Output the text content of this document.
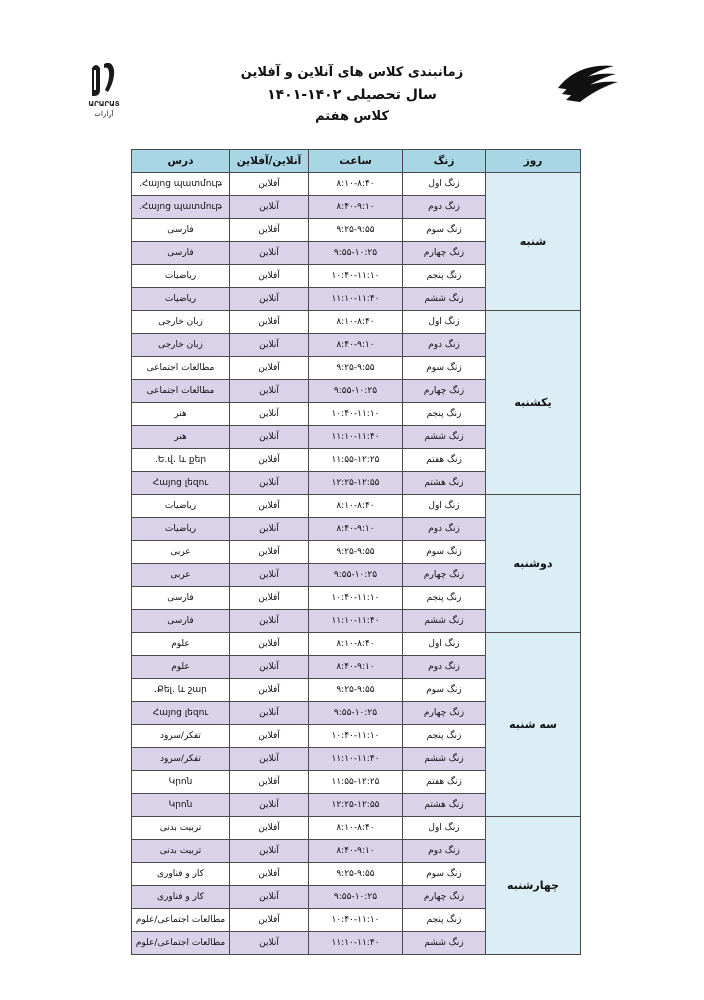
ԱՐԱՐԱՏ
آرارات
زمانبندی کلاس های آنلاین و آفلاین
سال تحصیلی ۱۴۰۲-۱۴۰۱
کلاس هفتم
درس	آنلاین/آفلاین	ساعت	زنگ	روز
Հայոց պատմութ.	آفلاین	۸:۱۰-۸:۴۰	زنگ اول	شنبه
Հայոց պատմութ.	آنلاین	۸:۴۰-۹:۱۰	زنگ دوم	
فارسی	آفلاین	۹:۲۵-۹:۵۵	زنگ سوم	
فارسی	آنلاین	۹:۵۵-۱۰:۲۵	زنگ چهارم	
ریاضیات	آفلاین	۱۰:۴۰-۱۱:۱۰	زنگ پنجم	
ریاضیات	آنلاین	۱۱:۱۰-۱۱:۴۰	زنگ ششم	
زبان خارجی	آفلاین	۸:۱۰-۸:۴۰	زنگ اول	یکشنبه
زبان خارجی	آنلاین	۸:۴۰-۹:۱۰	زنگ دوم	
مطالعات اجتماعی	آفلاین	۹:۲۵-۹:۵۵	زنگ سوم	
مطالعات اجتماعی	آنلاین	۹:۵۵-۱۰:۲۵	زنگ چهارم	
هنر	آنلاین	۱۰:۴۰-۱۱:۱۰	زنگ پنجم	
هنر	آنلاین	۱۱:۱۰-۱۱:۴۰	زنگ ششم	
Ե.վ. և քեր.	آفلاین	۱۱:۵۵-۱۲:۲۵	زنگ هفتم	
Հայոց լեզու	آنلاین	۱۲:۲۵-۱۲:۵۵	زنگ هشتم	
ریاضیات	آفلاین	۸:۱۰-۸:۴۰	زنگ اول	دوشنبه
ریاضیات	آنلاین	۸:۴۰-۹:۱۰	زنگ دوم	
عربی	آفلاین	۹:۲۵-۹:۵۵	زنگ سوم	
عربی	آنلاین	۹:۵۵-۱۰:۲۵	زنگ چهارم	
فارسی	آفلاین	۱۰:۴۰-۱۱:۱۰	زنگ پنجم	
فارسی	آنلاین	۱۱:۱۰-۱۱:۴۰	زنگ ششم	
علوم	آفلاین	۸:۱۰-۸:۴۰	زنگ اول	سه شنبه
علوم	آنلاین	۸:۴۰-۹:۱۰	زنگ دوم	
Քել. և շար.	آفلاین	۹:۲۵-۹:۵۵	زنگ سوم	
Հայոց լեզու	آنلاین	۹:۵۵-۱۰:۲۵	زنگ چهارم	
تفکر/سرود	آفلاین	۱۰:۴۰-۱۱:۱۰	زنگ پنجم	
تفکر/سرود	آنلاین	۱۱:۱۰-۱۱:۴۰	زنگ ششم	
Կրոն	آفلاین	۱۱:۵۵-۱۲:۲۵	زنگ هفتم	
Կրոն	آنلاین	۱۲:۲۵-۱۲:۵۵	زنگ هشتم	
تربیت بدنی	آفلاین	۸:۱۰-۸:۴۰	زنگ اول	چهارشنبه
تربیت بدنی	آنلاین	۸:۴۰-۹:۱۰	زنگ دوم	
کار و فناوری	آفلاین	۹:۲۵-۹:۵۵	زنگ سوم	
کار و فناوری	آنلاین	۹:۵۵-۱۰:۲۵	زنگ چهارم	
مطالعات اجتماعی/علوم	آفلاین	۱۰:۴۰-۱۱:۱۰	زنگ پنجم	
مطالعات اجتماعی/علوم	آنلاین	۱۱:۱۰-۱۱:۴۰	زنگ ششم	
